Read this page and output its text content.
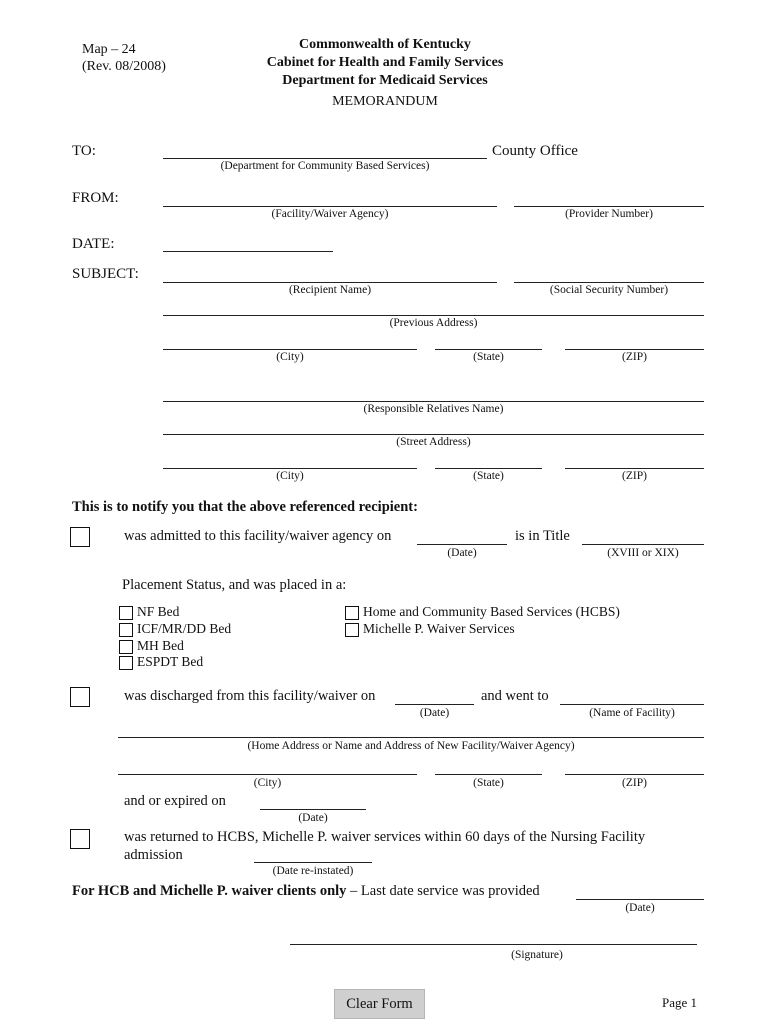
Map – 24
(Rev. 08/2008)
Commonwealth of Kentucky
Cabinet for Health and Family Services
Department for Medicaid Services
MEMORANDUM
TO:	County Office
(Department for Community Based Services)
FROM:
(Facility/Waiver Agency)	(Provider Number)
DATE:
SUBJECT:
(Recipient Name)	(Social Security Number)
(Previous Address)
(City)	(State)	(ZIP)
(Responsible Relatives Name)
(Street Address)
(City)	(State)	(ZIP)
This is to notify you that the above referenced recipient:
was admitted to this facility/waiver agency on	is in Title
(Date)	(XVIII or XIX)
Placement Status, and was placed in a:
NF Bed
ICF/MR/DD Bed
MH Bed
ESPDT Bed
Home and Community Based Services (HCBS)
Michelle P. Waiver Services
was discharged from this facility/waiver on	and went to
(Date)	(Name of Facility)
(Home Address or Name and Address of New Facility/Waiver Agency)
(City)	(State)	(ZIP)
and or expired on
(Date)
was returned to HCBS, Michelle P. waiver services within 60 days of the Nursing Facility
admission
(Date re-instated)
For HCB and Michelle P. waiver clients only – Last date service was provided
(Date)
(Signature)
Clear Form	Page 1
